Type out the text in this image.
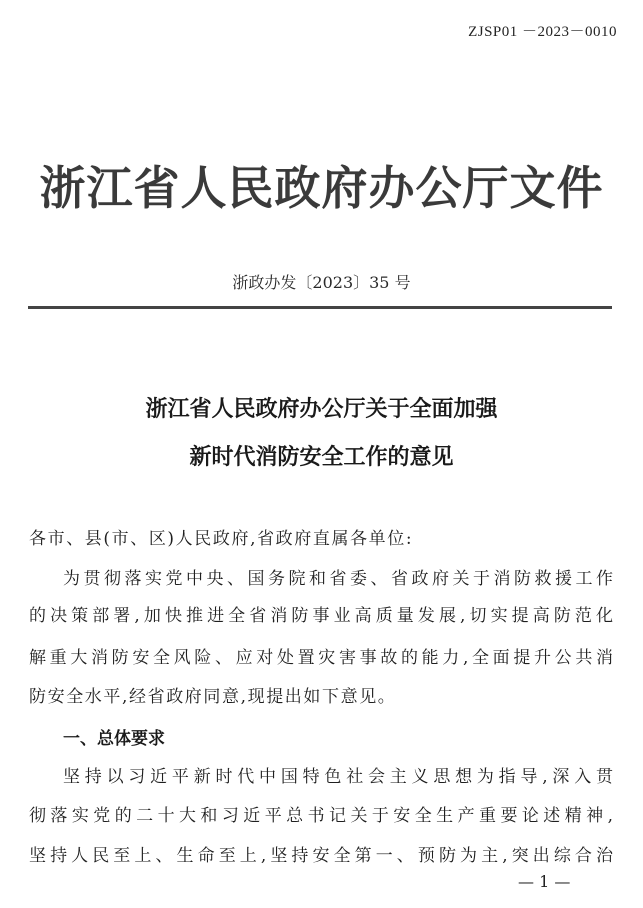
ZJSP01 －2023－0010
浙江省人民政府办公厅文件
浙政办发〔2023〕35 号
浙江省人民政府办公厅关于全面加强
新时代消防安全工作的意见
各市、县(市、区)人民政府,省政府直属各单位:
为贯彻落实党中央、国务院和省委、省政府关于消防救援工作
的决策部署,加快推进全省消防事业高质量发展,切实提高防范化
解重大消防安全风险、应对处置灾害事故的能力,全面提升公共消
防安全水平,经省政府同意,现提出如下意见。
一、总体要求
坚持以习近平新时代中国特色社会主义思想为指导,深入贯
彻落实党的二十大和习近平总书记关于安全生产重要论述精神,
坚持人民至上、生命至上,坚持安全第一、预防为主,突出综合治
— 1 —
